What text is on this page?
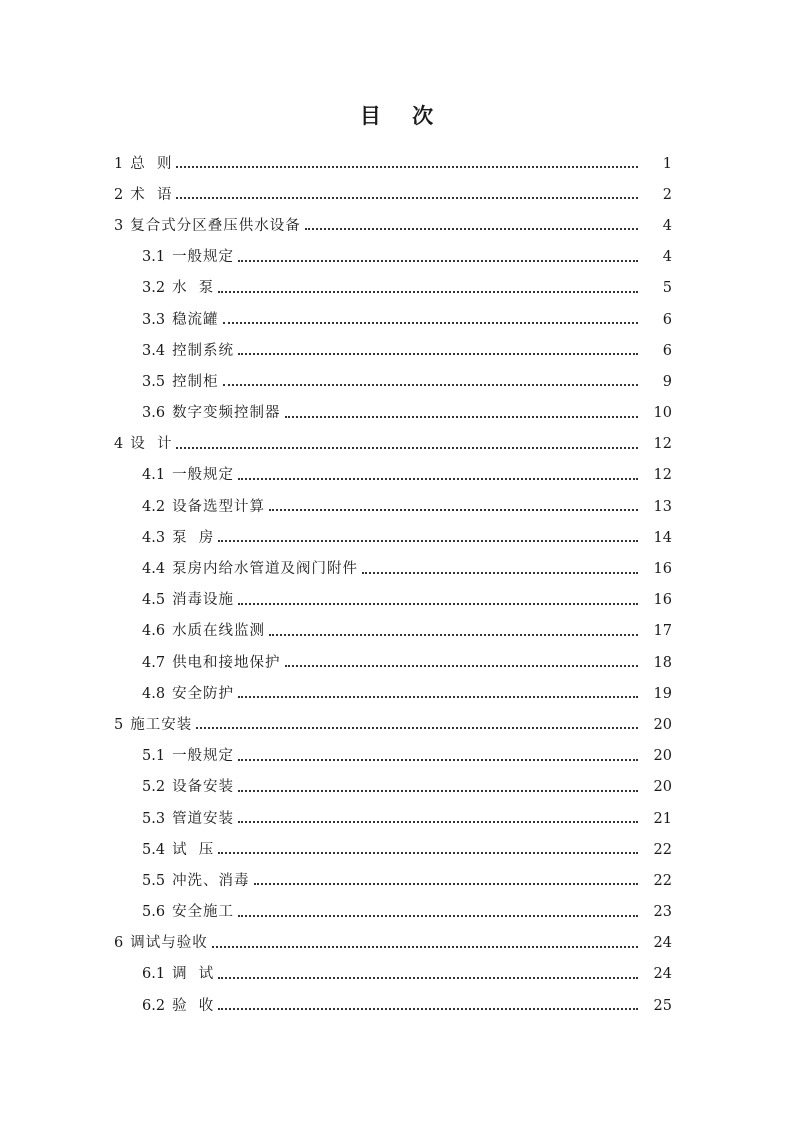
目 次
1 总  则	1
2 术  语	2
3 复合式分区叠压供水设备	4
3.1 一般规定	4
3.2 水  泵	5
3.3 稳流罐	6
3.4 控制系统	6
3.5 控制柜	9
3.6 数字变频控制器	10
4 设  计	12
4.1 一般规定	12
4.2 设备选型计算	13
4.3 泵  房	14
4.4 泵房内给水管道及阀门附件	16
4.5 消毒设施	16
4.6 水质在线监测	17
4.7 供电和接地保护	18
4.8 安全防护	19
5 施工安装	20
5.1 一般规定	20
5.2 设备安装	20
5.3 管道安装	21
5.4 试  压	22
5.5 冲洗、消毒	22
5.6 安全施工	23
6 调试与验收	24
6.1 调  试	24
6.2 验  收	25
